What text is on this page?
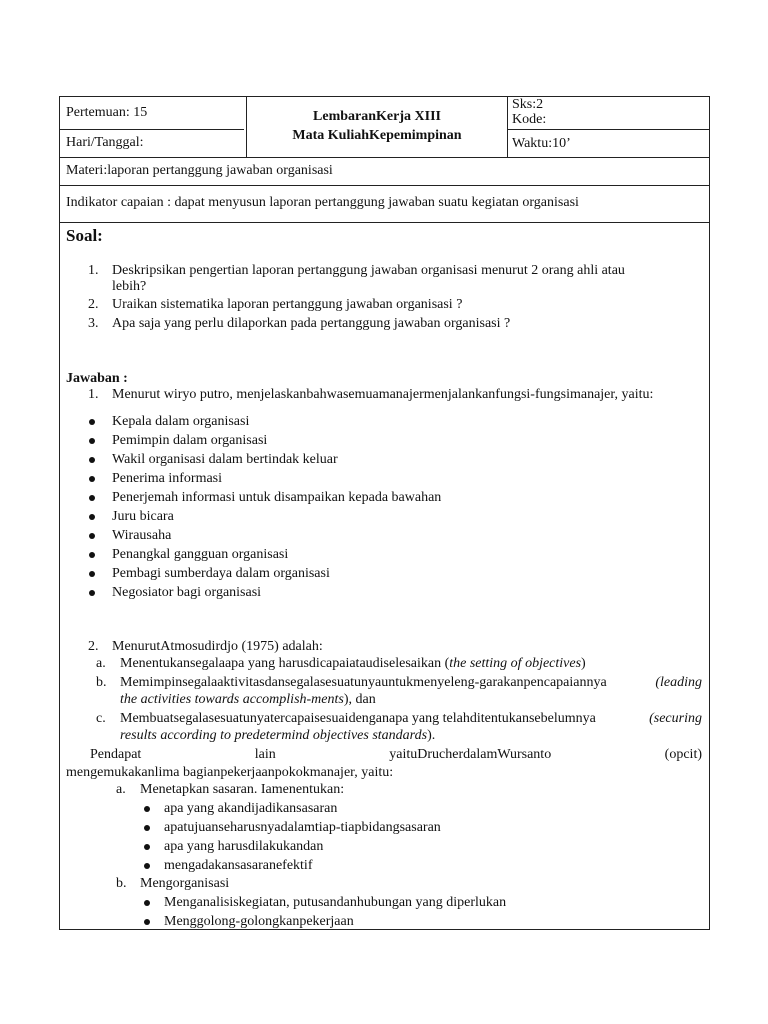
Pertemuan: 15
Hari/Tanggal:
LembaranKerja XIII
Mata KuliahKepemimpinan
Sks:2
Kode:
Waktu:10’
Materi:laporan pertanggung jawaban organisasi
Indikator capaian : dapat menyusun laporan pertanggung jawaban suatu kegiatan organisasi
Soal:
1. Deskripsikan pengertian laporan pertanggung jawaban organisasi menurut 2 orang ahli atau
lebih?
2. Uraikan sistematika laporan pertanggung jawaban organisasi ?
3. Apa saja yang perlu dilaporkan pada pertanggung jawaban organisasi ?
Jawaban :
1. Menurut wiryo putro, menjelaskanbahwasemuamanajermenjalankanfungsi-fungsimanajer, yaitu:
Kepala dalam organisasi
Pemimpin dalam organisasi
Wakil organisasi dalam bertindak keluar
Penerima informasi
Penerjemah informasi untuk disampaikan kepada bawahan
Juru bicara
Wirausaha
Penangkal gangguan organisasi
Pembagi sumberdaya dalam organisasi
Negosiator bagi organisasi
2. MenurutAtmosudirdjo (1975) adalah:
a. Menentukansegalaapa yang harusdicapaiataudiselesaikan (the setting of objectives)
b. Memimpinsegalaaktivitasdansegalasesuatunyauntukmenyeleng-garakanpencapaiannya	(leading
the activities towards accomplish-ments), dan
c. Membuatsegalasesuatunyatercapaisesuaidenganapa yang telahditentukansebelumnya	(securing
results according to predetermind objectives standards).
Pendapat	lain	yaituDrucherdalamWursanto	(opcit)
mengemukakanlima bagianpekerjaanpokokmanajer, yaitu:
a. Menetapkan sasaran. Iamenentukan:
apa yang akandijadikansasaran
apatujuanseharusnyadalamtiap-tiapbidangsasaran
apa yang harusdilakukandan
mengadakansasaranefektif
b. Mengorganisasi
Menganalisiskegiatan, putusandanhubungan yang diperlukan
Menggolong-golongkanpekerjaan
